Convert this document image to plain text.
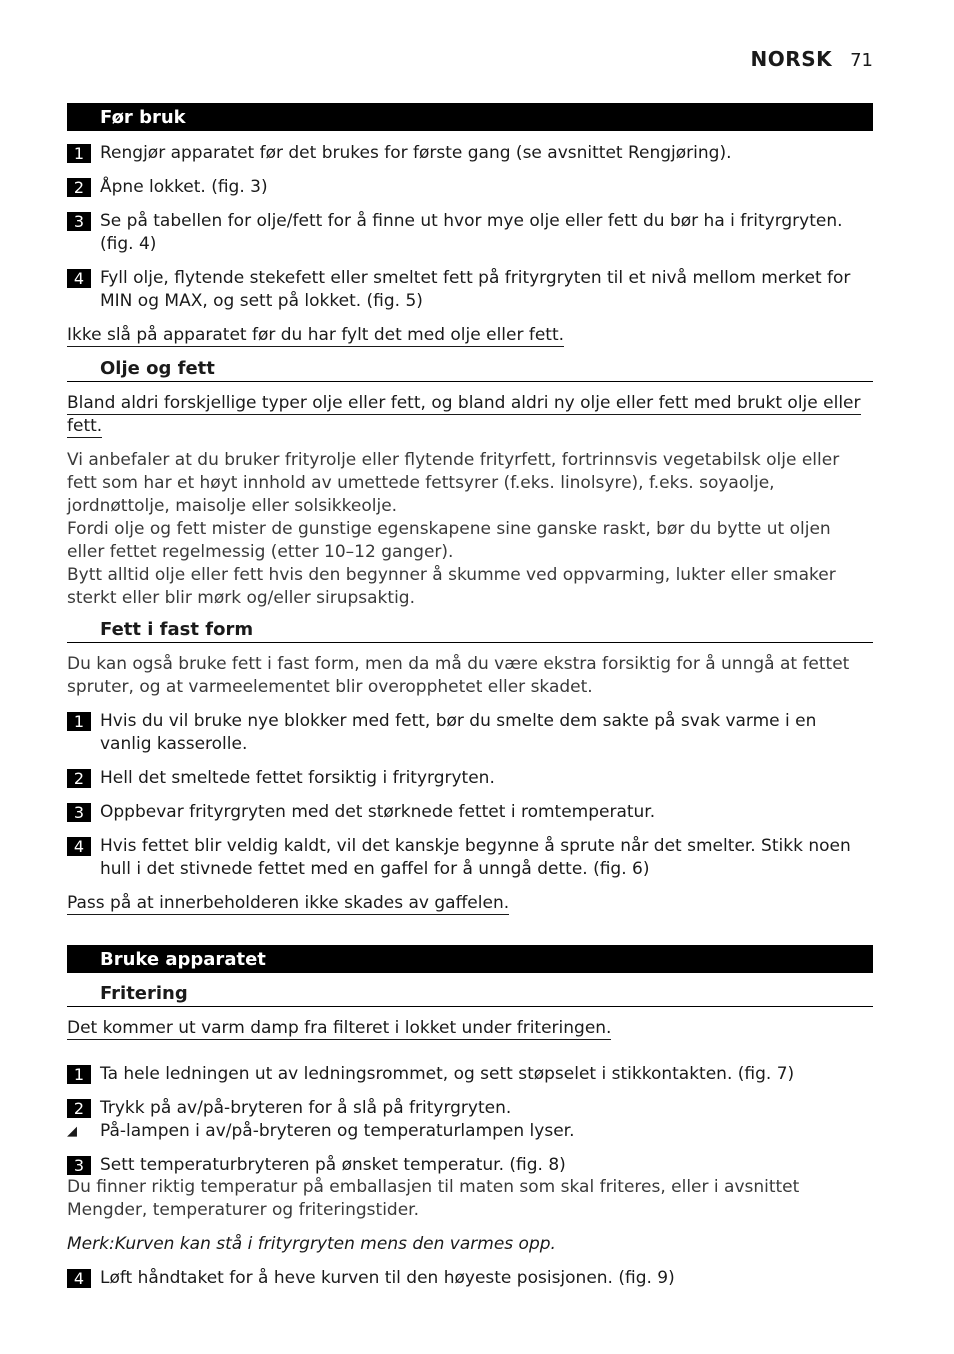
NORSK 71
Før bruk
1 Rengjør apparatet før det brukes for første gang (se avsnittet Rengjøring).
2 Åpne lokket. (fig. 3)
3 Se på tabellen for olje/fett for å finne ut hvor mye olje eller fett du bør ha i frityrgryten. (fig. 4)
4 Fyll olje, flytende stekefett eller smeltet fett på frityrgryten til et nivå mellom merket for MIN og MAX, og sett på lokket. (fig. 5)
Ikke slå på apparatet før du har fylt det med olje eller fett.
Olje og fett
Bland aldri forskjellige typer olje eller fett, og bland aldri ny olje eller fett med brukt olje eller fett.

Vi anbefaler at du bruker frityrolje eller flytende frityrfett, fortrinnsvis vegetabilsk olje eller fett som har et høyt innhold av umettede fettsyrer (f.eks. linolsyre), f.eks. soyaolje, jordnøttolje, maisolje eller solsikkeolje.

Fordi olje og fett mister de gunstige egenskapene sine ganske raskt, bør du bytte ut oljen eller fettet regelmessig (etter 10–12 ganger).

Bytt alltid olje eller fett hvis den begynner å skumme ved oppvarming, lukter eller smaker sterkt eller blir mørk og/eller sirupsaktig.

Fett i fast form
Du kan også bruke fett i fast form, men da må du være ekstra forsiktig for å unngå at fettet spruter, og at varmeelementet blir overopphetet eller skadet.
1 Hvis du vil bruke nye blokker med fett, bør du smelte dem sakte på svak varme i en vanlig kasserolle.
2 Hell det smeltede fettet forsiktig i frityrgryten.
3 Oppbevar frityrgryten med det størknede fettet i romtemperatur.
4 Hvis fettet blir veldig kaldt, vil det kanskje begynne å sprute når det smelter. Stikk noen hull i det stivnede fettet med en gaffel for å unngå dette. (fig. 6)
Pass på at innerbeholderen ikke skades av gaffelen.
Bruke apparatet
Fritering
Det kommer ut varm damp fra filteret i lokket under friteringen.
1 Ta hele ledningen ut av ledningsrommet, og sett støpselet i stikkontakten. (fig. 7)
2 Trykk på av/på-bryteren for å slå på frityrgryten.
◢ På-lampen i av/på-bryteren og temperaturlampen lyser.
3 Sett temperaturbryteren på ønsket temperatur. (fig. 8)
Du finner riktig temperatur på emballasjen til maten som skal friteres, eller i avsnittet Mengder, temperaturer og friteringstider.
Merk:Kurven kan stå i frityrgryten mens den varmes opp.
4 Løft håndtaket for å heve kurven til den høyeste posisjonen. (fig. 9)
